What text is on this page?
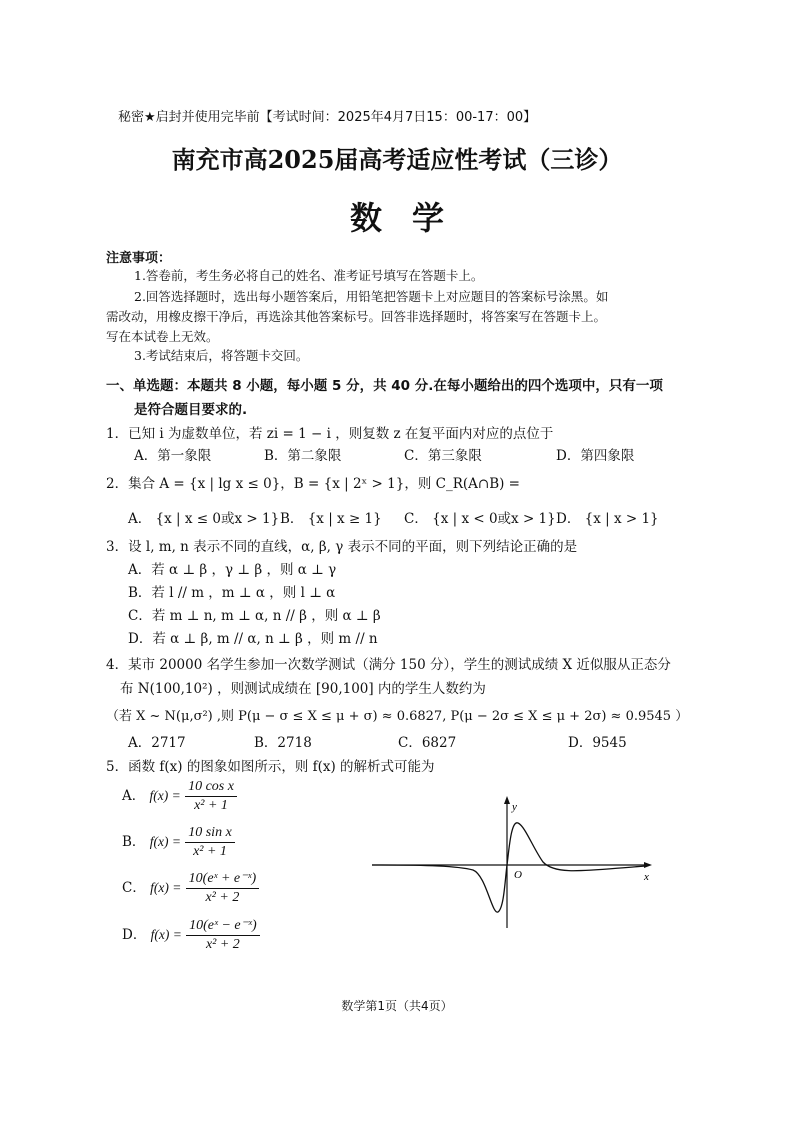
秘密★启封并使用完毕前【考试时间：2025年4月7日15：00-17：00】
南充市高2025届高考适应性考试（三诊）
数学
注意事项：
1.答卷前，考生务必将自己的姓名、准考证号填写在答题卡上。
2.回答选择题时，选出每小题答案后，用铅笔把答题卡上对应题目的答案标号涂黑。如
需改动，用橡皮擦干净后，再选涂其他答案标号。回答非选择题时，将答案写在答题卡上。
写在本试卷上无效。
3.考试结束后，将答题卡交回。
一、单选题：本题共 8 小题，每小题 5 分，共 40 分.在每小题给出的四个选项中，只有一项
是符合题目要求的.
1．已知 i 为虚数单位，若 zi = 1 − i ，则复数 z 在复平面内对应的点位于
A．第一象限	B．第二象限	C．第三象限	D．第四象限
2．集合 A = {x | lg x ≤ 0}，B = {x | 2ˣ > 1}，则 C_R(A∩B) =
A． {x | x ≤ 0或x > 1} B． {x | x ≥ 1} C． {x | x < 0或x > 1} D． {x | x > 1}
3．设 l, m, n 表示不同的直线，α, β, γ 表示不同的平面，则下列结论正确的是
A．若 α ⊥ β ，γ ⊥ β ，则 α ⊥ γ
B．若 l // m ，m ⊥ α ，则 l ⊥ α
C．若 m ⊥ n, m ⊥ α, n // β ，则 α ⊥ β
D．若 α ⊥ β, m // α, n ⊥ β ，则 m // n
4．某市 20000 名学生参加一次数学测试（满分 150 分），学生的测试成绩 X 近似服从正态分
布 N(100,10²) ，则测试成绩在 [90,100] 内的学生人数约为
（若 X ~ N(μ,σ²) ,则 P(μ − σ ≤ X ≤ μ + σ) ≈ 0.6827, P(μ − 2σ ≤ X ≤ μ + 2σ) ≈ 0.9545 ）
A．2717	B．2718	C．6827	D．9545
5．函数 f(x) 的图象如图所示，则 f(x) 的解析式可能为
A． $f(x) = \frac{\text{10 cos x}}{\text{x² + 1}}$
B． $f(x) = \frac{\text{10 sin x}}{\text{x² + 1}}$
C． $f(x) = \frac{\text{10(eˣ + e⁻ˣ)}}{\text{x² + 2}}$
D． $f(x) = \frac{\text{10(eˣ − e⁻ˣ)}}{\text{x² + 2}}$
y
x
O
数学第1页（共4页）
